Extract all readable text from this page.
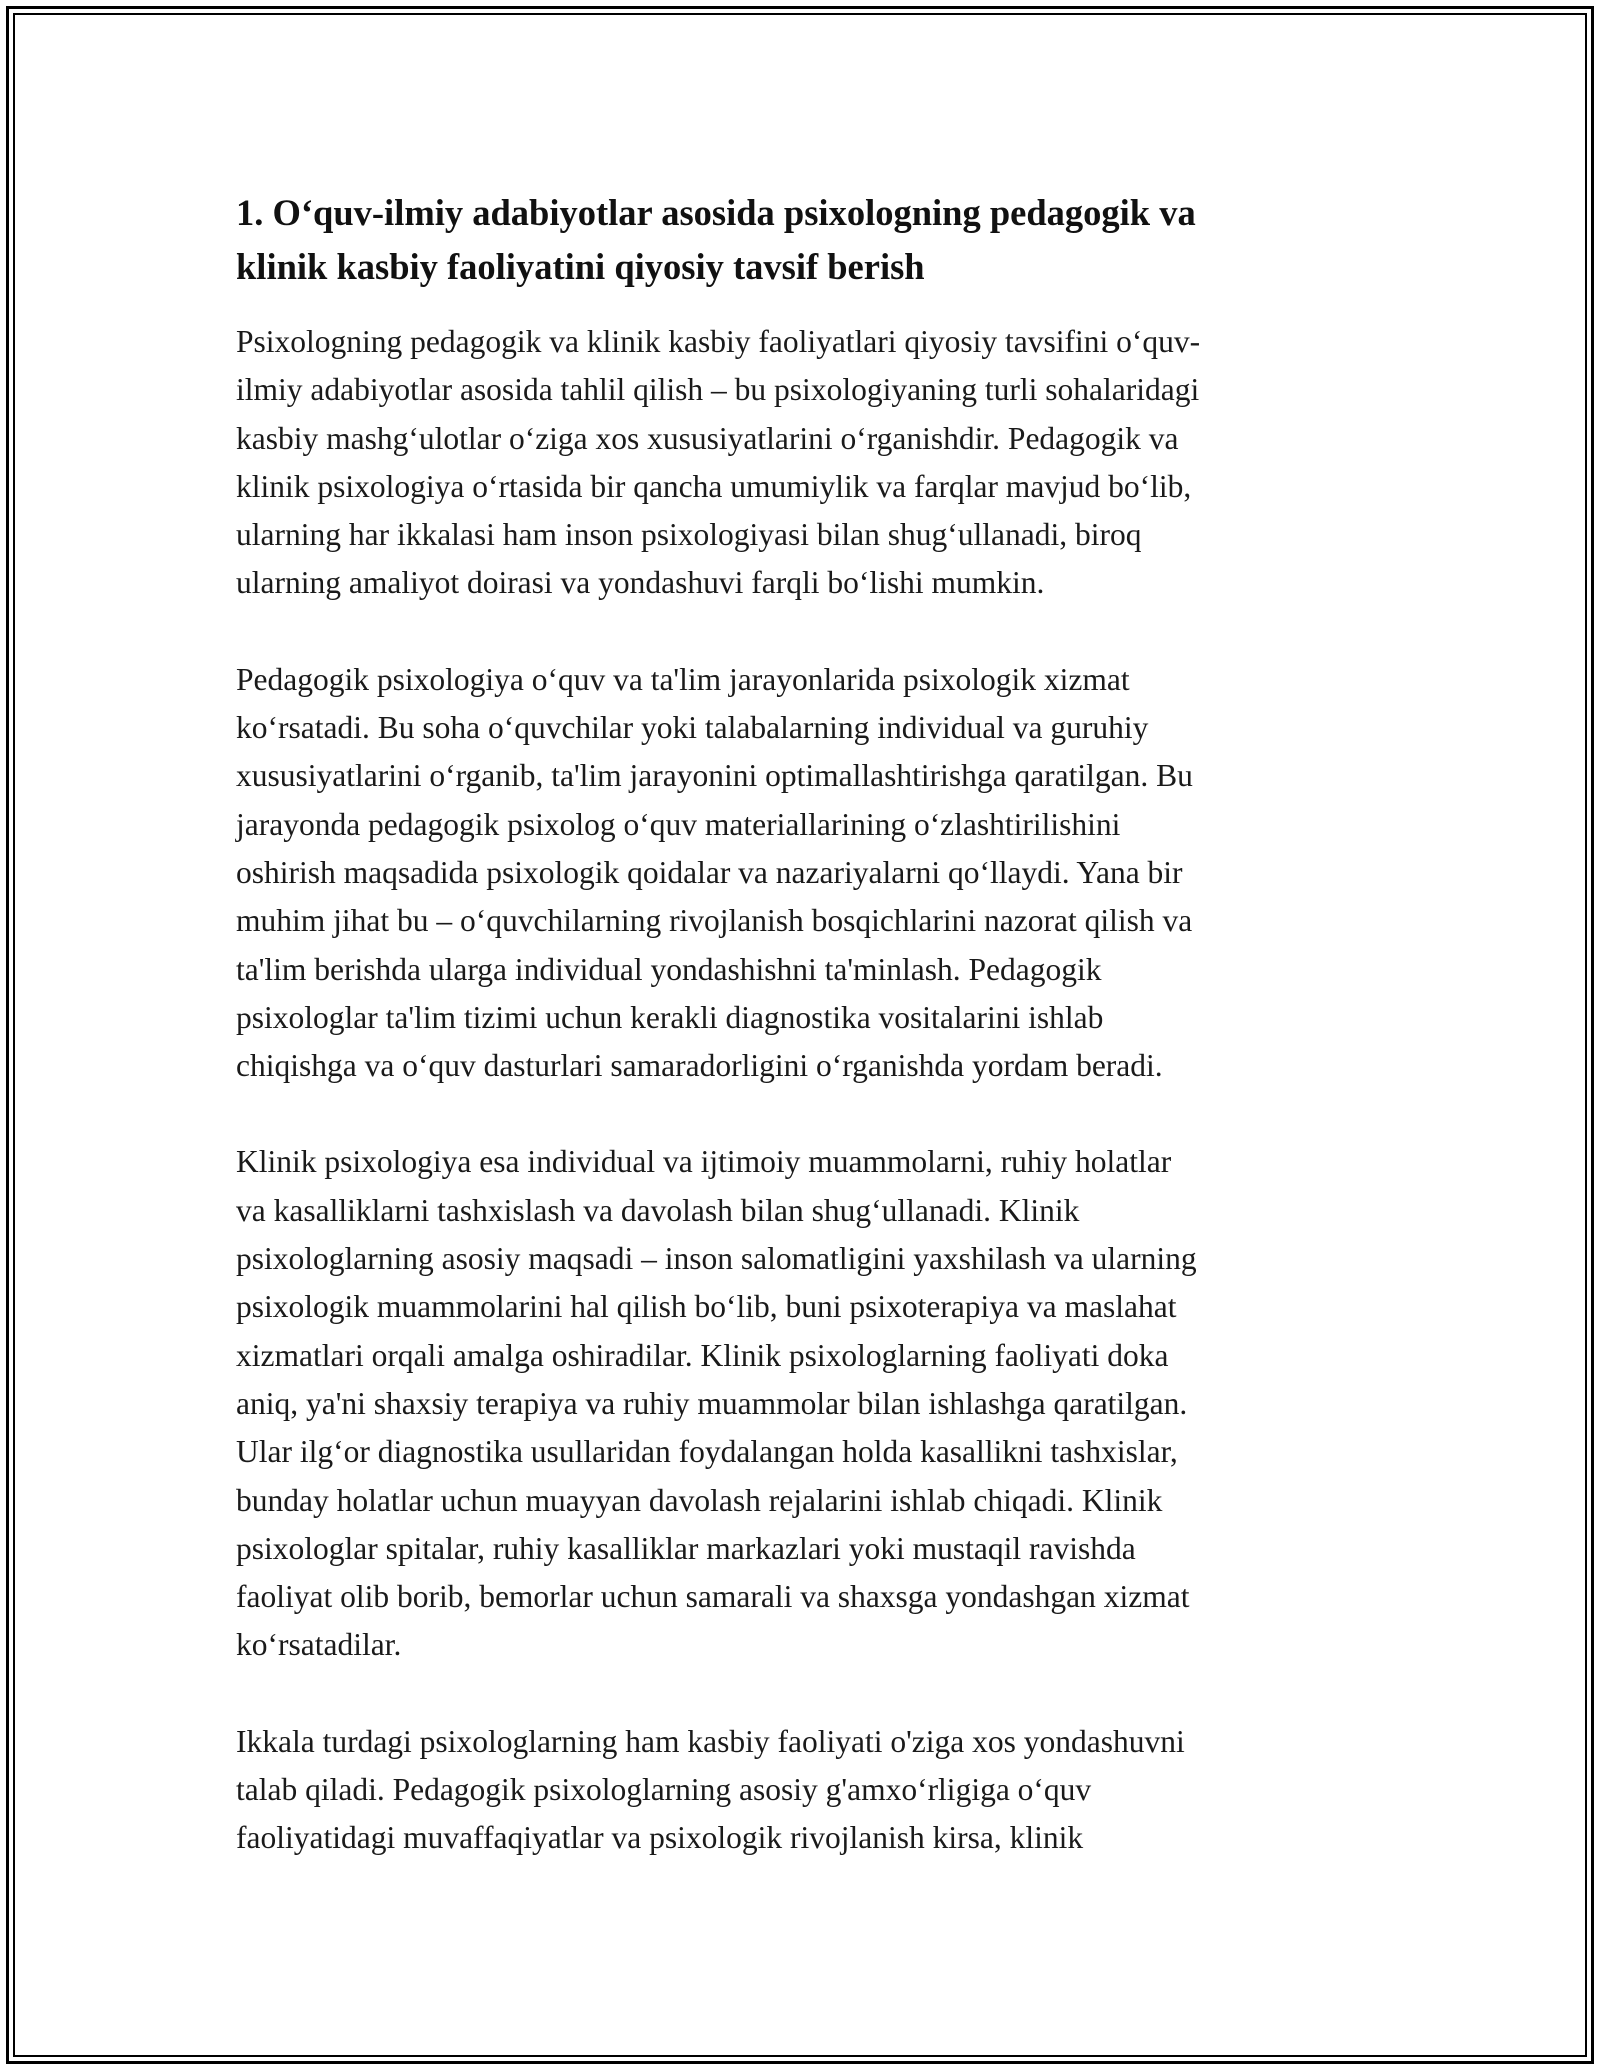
1. O‘quv-ilmiy adabiyotlar asosida psixologning pedagogik va
klinik kasbiy faoliyatini qiyosiy tavsif berish

Psixologning pedagogik va klinik kasbiy faoliyatlari qiyosiy tavsifini o‘quv-
ilmiy adabiyotlar asosida tahlil qilish – bu psixologiyaning turli sohalaridagi
kasbiy mashg‘ulotlar o‘ziga xos xususiyatlarini o‘rganishdir. Pedagogik va
klinik psixologiya o‘rtasida bir qancha umumiylik va farqlar mavjud bo‘lib,
ularning har ikkalasi ham inson psixologiyasi bilan shug‘ullanadi, biroq
ularning amaliyot doirasi va yondashuvi farqli bo‘lishi mumkin.

Pedagogik psixologiya o‘quv va ta'lim jarayonlarida psixologik xizmat
ko‘rsatadi. Bu soha o‘quvchilar yoki talabalarning individual va guruhiy
xususiyatlarini o‘rganib, ta'lim jarayonini optimallashtirishga qaratilgan. Bu
jarayonda pedagogik psixolog o‘quv materiallarining o‘zlashtirilishini
oshirish maqsadida psixologik qoidalar va nazariyalarni qo‘llaydi. Yana bir
muhim jihat bu – o‘quvchilarning rivojlanish bosqichlarini nazorat qilish va
ta'lim berishda ularga individual yondashishni ta'minlash. Pedagogik
psixologlar ta'lim tizimi uchun kerakli diagnostika vositalarini ishlab
chiqishga va o‘quv dasturlari samaradorligini o‘rganishda yordam beradi.

Klinik psixologiya esa individual va ijtimoiy muammolarni, ruhiy holatlar
va kasalliklarni tashxislash va davolash bilan shug‘ullanadi. Klinik
psixologlarning asosiy maqsadi – inson salomatligini yaxshilash va ularning
psixologik muammolarini hal qilish bo‘lib, buni psixoterapiya va maslahat
xizmatlari orqali amalga oshiradilar. Klinik psixologlarning faoliyati doka
aniq, ya'ni shaxsiy terapiya va ruhiy muammolar bilan ishlashga qaratilgan.
Ular ilg‘or diagnostika usullaridan foydalangan holda kasallikni tashxislar,
bunday holatlar uchun muayyan davolash rejalarini ishlab chiqadi. Klinik
psixologlar spitalar, ruhiy kasalliklar markazlari yoki mustaqil ravishda
faoliyat olib borib, bemorlar uchun samarali va shaxsga yondashgan xizmat
ko‘rsatadilar.

Ikkala turdagi psixologlarning ham kasbiy faoliyati o'ziga xos yondashuvni
talab qiladi. Pedagogik psixologlarning asosiy g'amxo‘rligiga o‘quv
faoliyatidagi muvaffaqiyatlar va psixologik rivojlanish kirsa, klinik
